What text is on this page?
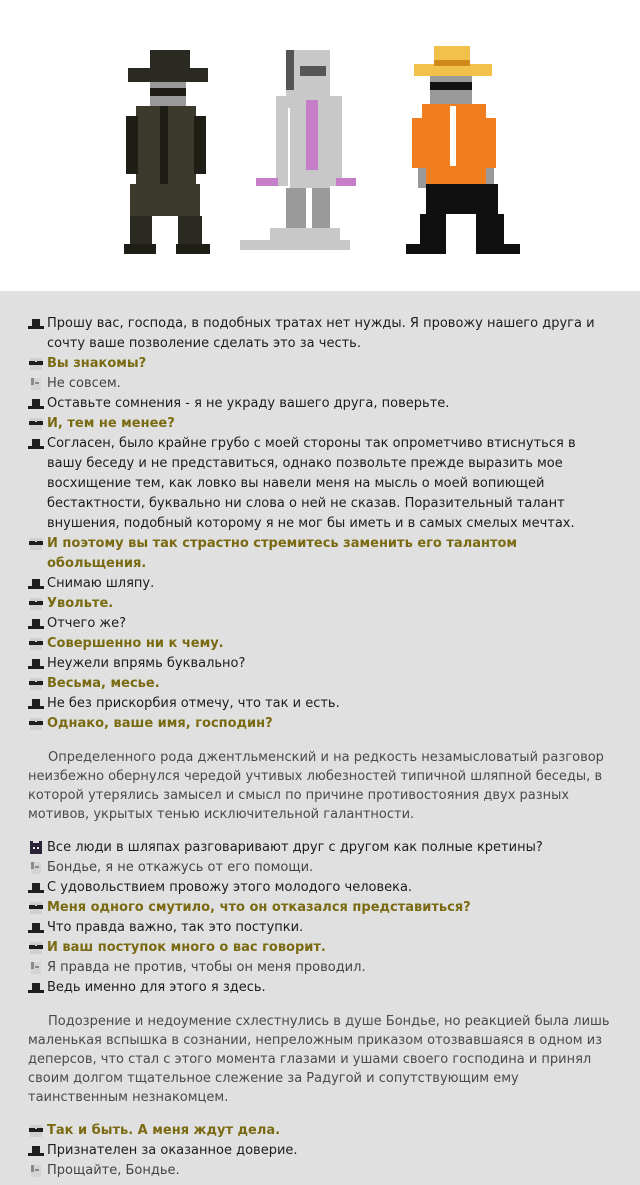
Прошу вас, господа, в подобных тратах нет нужды. Я провожу нашего друга и сочту ваше позволение сделать это за честь.
Вы знакомы?
Не совсем.
Оставьте сомнения - я не украду вашего друга, поверьте.
И, тем не менее?
Согласен, было крайне грубо с моей стороны так опрометчиво втиснуться в вашу беседу и не представиться, однако позвольте прежде выразить мое восхищение тем, как ловко вы навели меня на мысль о моей вопиющей бестактности, буквально ни слова о ней не сказав. Поразительный талант внушения, подобный которому я не мог бы иметь и в самых смелых мечтах.
И поэтому вы так страстно стремитесь заменить его талантом обольщения.
Снимаю шляпу.
Увольте.
Отчего же?
Совершенно ни к чему.
Неужели впрямь буквально?
Весьма, месье.
Не без прискорбия отмечу, что так и есть.
Однако, ваше имя, господин?
Определенного рода джентльменский и на редкость незамысловатый разговор неизбежно обернулся чередой учтивых любезностей типичной шляпной беседы, в которой утерялись замысел и смысл по причине противостояния двух разных мотивов, укрытых тенью исключительной галантности.
Все люди в шляпах разговаривают друг с другом как полные кретины?
Бондье, я не откажусь от его помощи.
С удовольствием провожу этого молодого человека.
Меня одного смутило, что он отказался представиться?
Что правда важно, так это поступки.
И ваш поступок много о вас говорит.
Я правда не против, чтобы он меня проводил.
Ведь именно для этого я здесь.
Подозрение и недоумение схлестнулись в душе Бондье, но реакцией была лишь маленькая вспышка в сознании, непреложным приказом отозвавшаяся в одном из деперсов, что стал с этого момента глазами и ушами своего господина и принял своим долгом тщательное слежение за Радугой и сопутствующим ему таинственным незнакомцем.
Так и быть. А меня ждут дела.
Признателен за оказанное доверие.
Прощайте, Бондье.
